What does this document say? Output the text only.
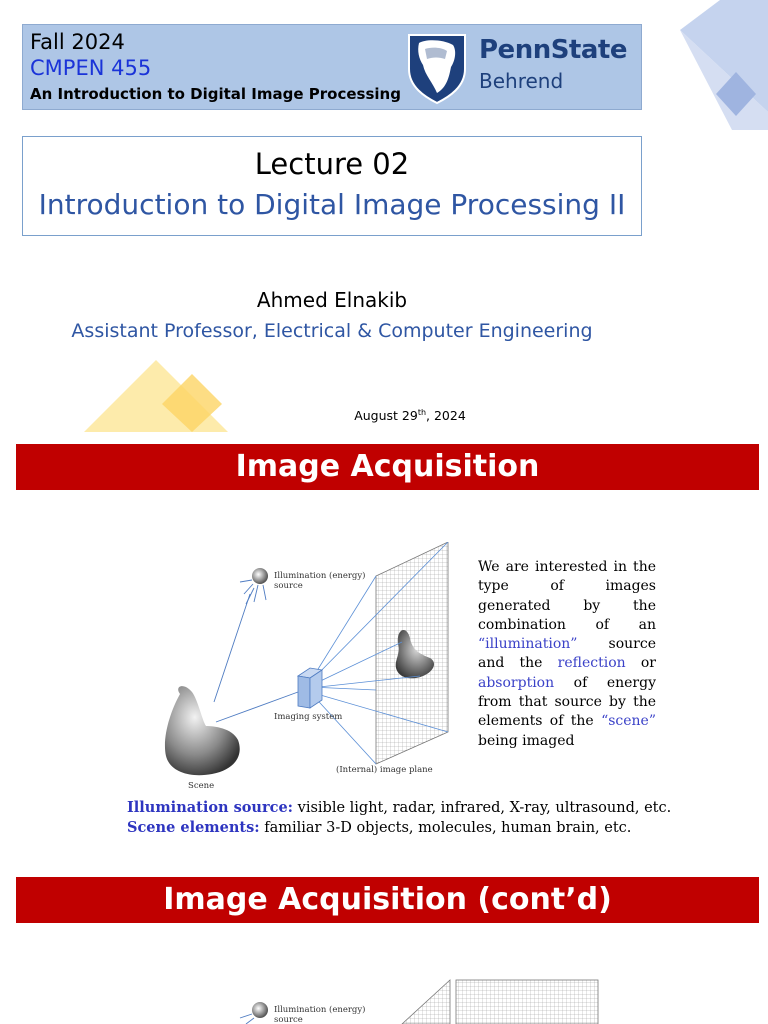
Fall 2024
CMPEN 455
An Introduction to Digital Image Processing
PennState
Behrend
Lecture 02
Introduction to Digital Image Processing II
Ahmed Elnakib
Assistant Professor, Electrical & Computer Engineering
August 29th, 2024
Image Acquisition
Illumination (energy)
source
Imaging system
(Internal) image plane
Scene
We are interested in the type of images generated by the combination of an “illumination” source and the reflection or absorption of energy from that source by the elements of the “scene” being imaged
Illumination source: visible light, radar, infrared, X-ray, ultrasound, etc.
Scene elements: familiar 3-D objects, molecules, human brain, etc.
Image Acquisition (cont’d)
Illumination (energy)
source
